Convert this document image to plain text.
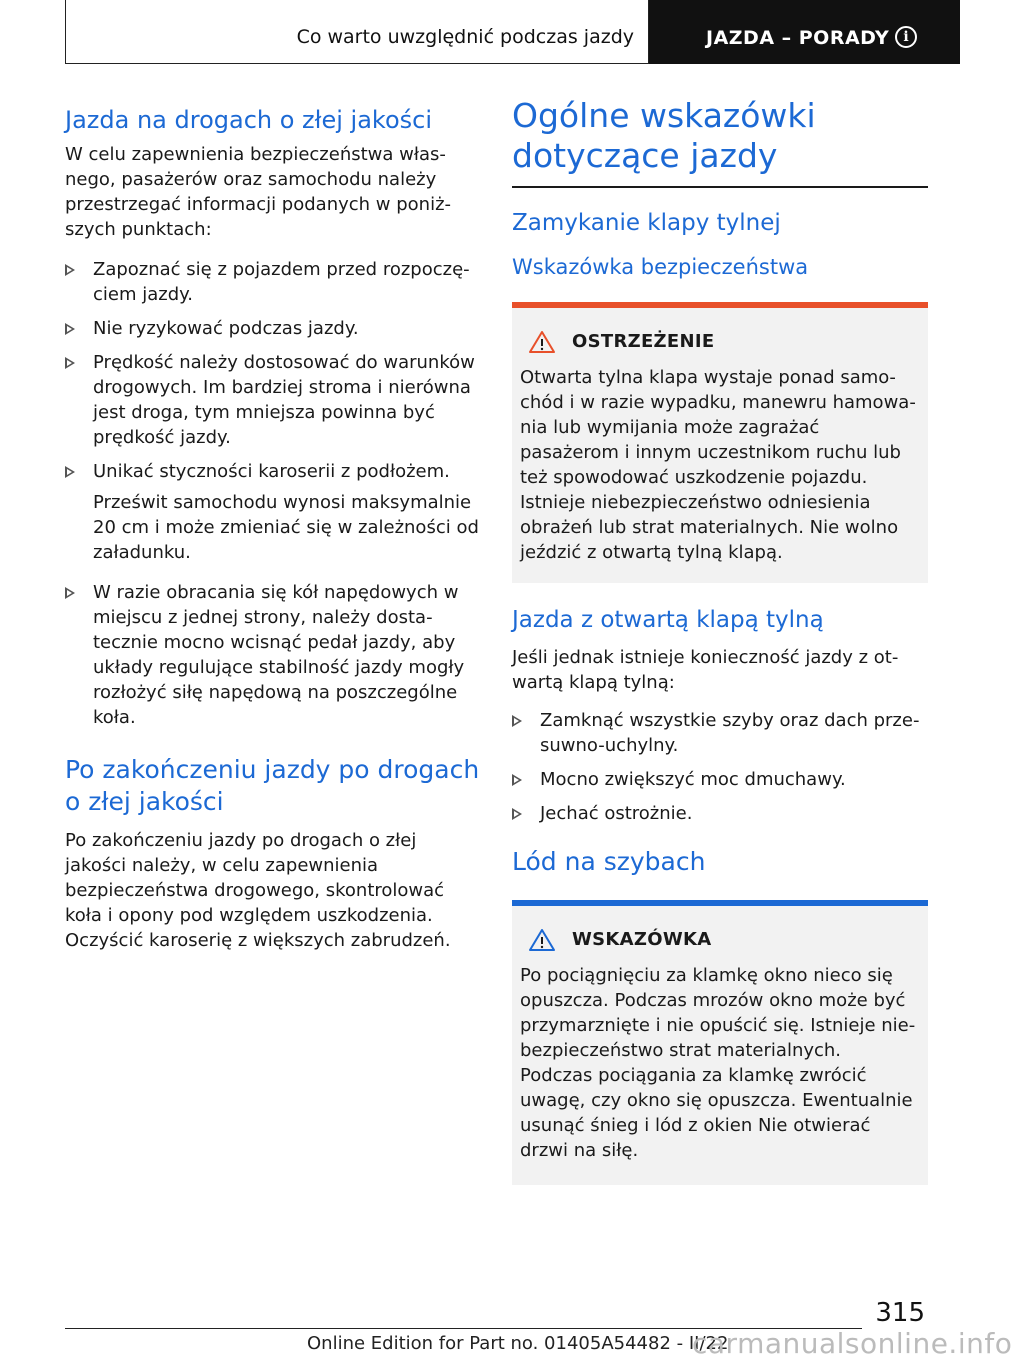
Co warto uwzględnić podczas jazdy	JAZDA – PORADY	i
Jazda na drogach o złej jakości

W celu zapewnienia bezpieczeństwa własnego, pasażerów oraz samochodu należy przestrzegać informacji podanych w poniższych punktach:

Zapoznać się z pojazdem przed rozpoczęciem jazdy.
Nie ryzykować podczas jazdy.
Prędkość należy dostosować do warunków drogowych. Im bardziej stroma i nierówna jest droga, tym mniejsza powinna być prędkość jazdy.
Unikać styczności karoserii z podłożem.

Prześwit samochodu wynosi maksymalnie 20 cm i może zmieniać się w zależności od załadunku.

W razie obracania się kół napędowych w miejscu z jednej strony, należy dostatecznie mocno wcisnąć pedał jazdy, aby układy regulujące stabilność jazdy mogły rozłożyć siłę napędową na poszczególne koła.
Po zakończeniu jazdy po drogach o złej jakości

Po zakończeniu jazdy po drogach o złej jakości należy, w celu zapewnienia bezpieczeństwa drogowego, skontrolować koła i opony pod względem uszkodzenia. Oczyścić karoserię z większych zabrudzeń.

Ogólne wskazówki dotyczące jazdy
Zamykanie klapy tylnej
Wskazówka bezpieczeństwa
OSTRZEŻENIE
Otwarta tylna klapa wystaje ponad samochód i w razie wypadku, manewru hamowania lub wymijania może zagrażać pasażerom i innym uczestnikom ruchu lub też spowodować uszkodzenie pojazdu. Istnieje niebezpieczeństwo odniesienia obrażeń lub strat materialnych. Nie wolno jeździć z otwartą tylną klapą.
Jazda z otwartą klapą tylną

Jeśli jednak istnieje konieczność jazdy z otwartą klapą tylną:

Zamknąć wszystkie szyby oraz dach przesuwno-uchylny.
Mocno zwiększyć moc dmuchawy.
Jechać ostrożnie.
Lód na szybach
WSKAZÓWKA
Po pociągnięciu za klamkę okno nieco się opuszcza. Podczas mrozów okno może być przymarznięte i nie opuścić się. Istnieje niebezpieczeństwo strat materialnych. Podczas pociągania za klamkę zwrócić uwagę, czy okno się opuszcza. Ewentualnie usunąć śnieg i lód z okien Nie otwierać drzwi na siłę.
315
Online Edition for Part no. 01405A54482 - II/22
carmanualsonline.info
